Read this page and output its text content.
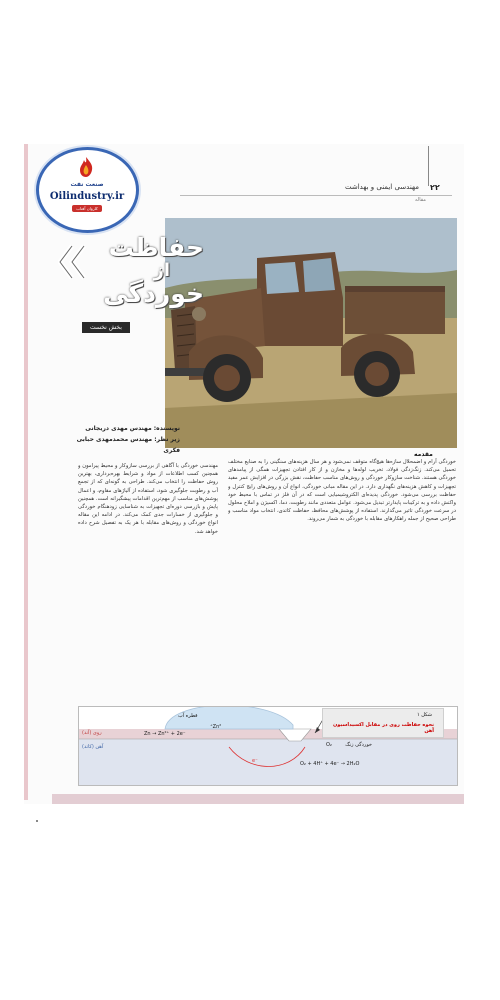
۲۲
مهندسی ایمنی و بهداشت
مقاله
صنعت نفت
Oilindustry.ir
کاروان آفتاب
حفاظت
از
خوردگی
بخش نخست
نویسنده: مهندس مهدی دریجانی
زیر نظر: مهندس محمدمهدی حبابی فکری
مقدمه
خوردگی آرام و اضمحلال سازه‌ها هیچ‌گاه متوقف نمی‌شود و هر سال هزینه‌های سنگینی را به صنایع مختلف تحمیل می‌کند. زنگ‌زدگی فولاد، تخریب لوله‌ها و مخازن و از کار افتادن تجهیزات همگی از پیامدهای خوردگی هستند. شناخت سازوکار خوردگی و روش‌های مناسب حفاظت، نقش بزرگی در افزایش عمر مفید تجهیزات و کاهش هزینه‌های نگهداری دارد. در این مقاله مبانی خوردگی، انواع آن و روش‌های رایج کنترل و حفاظت بررسی می‌شود. خوردگی پدیده‌ای الکتروشیمیایی است که در آن فلز در تماس با محیط خود واکنش داده و به ترکیبات پایدارتر تبدیل می‌شود. عوامل متعددی مانند رطوبت، دما، اکسیژن و املاح محلول در سرعت خوردگی تاثیر می‌گذارند. استفاده از پوشش‌های محافظ، حفاظت کاتدی، انتخاب مواد مناسب و طراحی صحیح از جمله راهکارهای مقابله با خوردگی به شمار می‌روند.
مهندسی خوردگی با آگاهی از بررسی سازوکار و محیط پیرامون و همچنین کسب اطلاعات از مواد و شرایط بهره‌برداری، بهترین روش حفاظت را انتخاب می‌کند. طراحی به گونه‌ای که از تجمع آب و رطوبت جلوگیری شود، استفاده از آلیاژهای مقاوم، و اعمال پوشش‌های مناسب از مهم‌ترین اقدامات پیشگیرانه است. همچنین پایش و بازرسی دوره‌ای تجهیزات به شناسایی زودهنگام خوردگی و جلوگیری از خسارات جدی کمک می‌کند. در ادامه این مقاله انواع خوردگی و روش‌های مقابله با هر یک به تفصیل شرح داده خواهد شد.
شکل ۱
نحوه حفاظت روی در مقابل اکسیداسیون آهن
قطره آب
روی (آند)
آهن (کاتد)	O₂	خوردگی زنگ
Zn²⁺
Zn → Zn²⁺ + 2e⁻
O₂ + 4H⁺ + 4e⁻ → 2H₂O
e⁻
